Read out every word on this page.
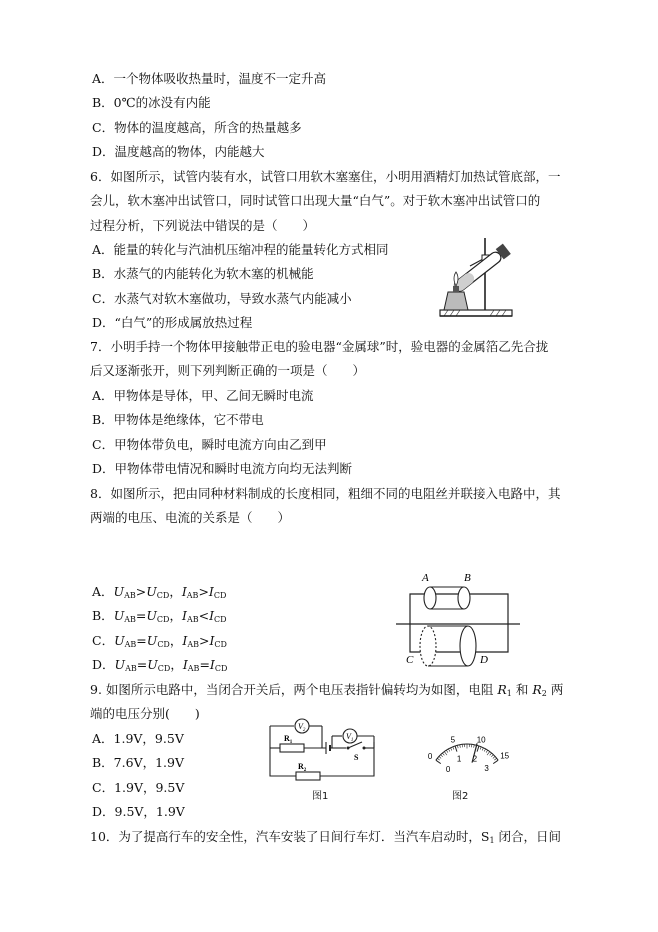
A．一个物体吸收热量时，温度不一定升高
B．0℃的冰没有内能
C．物体的温度越高，所含的热量越多
D．温度越高的物体，内能越大
6．如图所示，试管内装有水，试管口用软木塞塞住，小明用酒精灯加热试管底部，一
会儿，软木塞冲出试管口，同时试管口出现大量“白气”。对于软木塞冲出试管口的
过程分析，下列说法中错误的是（　　）
A．能量的转化与汽油机压缩冲程的能量转化方式相同
B．水蒸气的内能转化为软木塞的机械能
C．水蒸气对软木塞做功，导致水蒸气内能减小
D．“白气”的形成属放热过程
7．小明手持一个物体甲接触带正电的验电器“金属球”时，验电器的金属箔乙先合拢
后又逐渐张开，则下列判断正确的一项是（　　）
A．甲物体是导体，甲、乙间无瞬时电流
B．甲物体是绝缘体，它不带电
C．甲物体带负电，瞬时电流方向由乙到甲
D．甲物体带电情况和瞬时电流方向均无法判断
8．如图所示，把由同种材料制成的长度相同，粗细不同的电阻丝并联接入电路中，其
两端的电压、电流的关系是（　　）
A．$U_{AB}>U_{CD}$，$I_{AB}>I_{CD}$
B．$U_{AB}=U_{CD}$，$I_{AB}<I_{CD}$
C．$U_{AB}=U_{CD}$，$I_{AB}>I_{CD}$
D．$U_{AB}=U_{CD}$，$I_{AB}=I_{CD}$
A	B
C	D
9. 如图所示电路中，当闭合开关后，两个电压表指针偏转均为如图，电阻 $R_1$ 和 $R_2$ 两
端的电压分别(　　)
A．1.9V，9.5V
B．7.6V，1.9V
C．1.9V，9.5V
D．9.5V，1.9V
$V_2$
$R_1$
$V_1$
S
$R_2$
图1
5	10
15
1 2
3
0
0
图2
10．为了提高行车的安全性，汽车安装了日间行车灯．当汽车启动时，$S_1$ 闭合，日间
